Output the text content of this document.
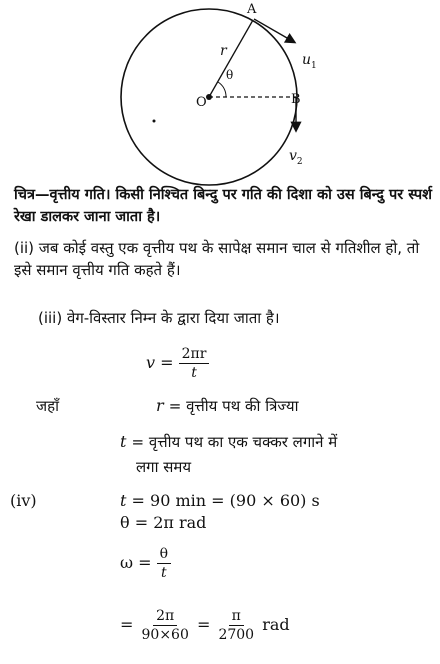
A
B
O
r
θ
$u_1$
$v_2$
चित्र—वृत्तीय गति। किसी निश्चित बिन्दु पर गति की दिशा को उस बिन्दु पर स्पर्श रेखा डालकर जाना जाता है।
(ii) जब कोई वस्तु एक वृत्तीय पथ के सापेक्ष समान चाल से गतिशील हो, तो इसे समान वृत्तीय गति कहते हैं।
(iii) वेग-विस्तार निम्न के द्वारा दिया जाता है।
$v = \frac{2\pi r}{t}$
जहाँ	r = वृत्तीय पथ की त्रिज्या
t = वृत्तीय पथ का एक चक्कर लगाने में
लगा समय
(iv)	t = 90 min = (90 × 60) s
θ = 2π rad
$\omega = \frac{\theta}{t}$
= $\frac{2\pi}{90\times 60} = \frac{\pi}{2700}$ rad
